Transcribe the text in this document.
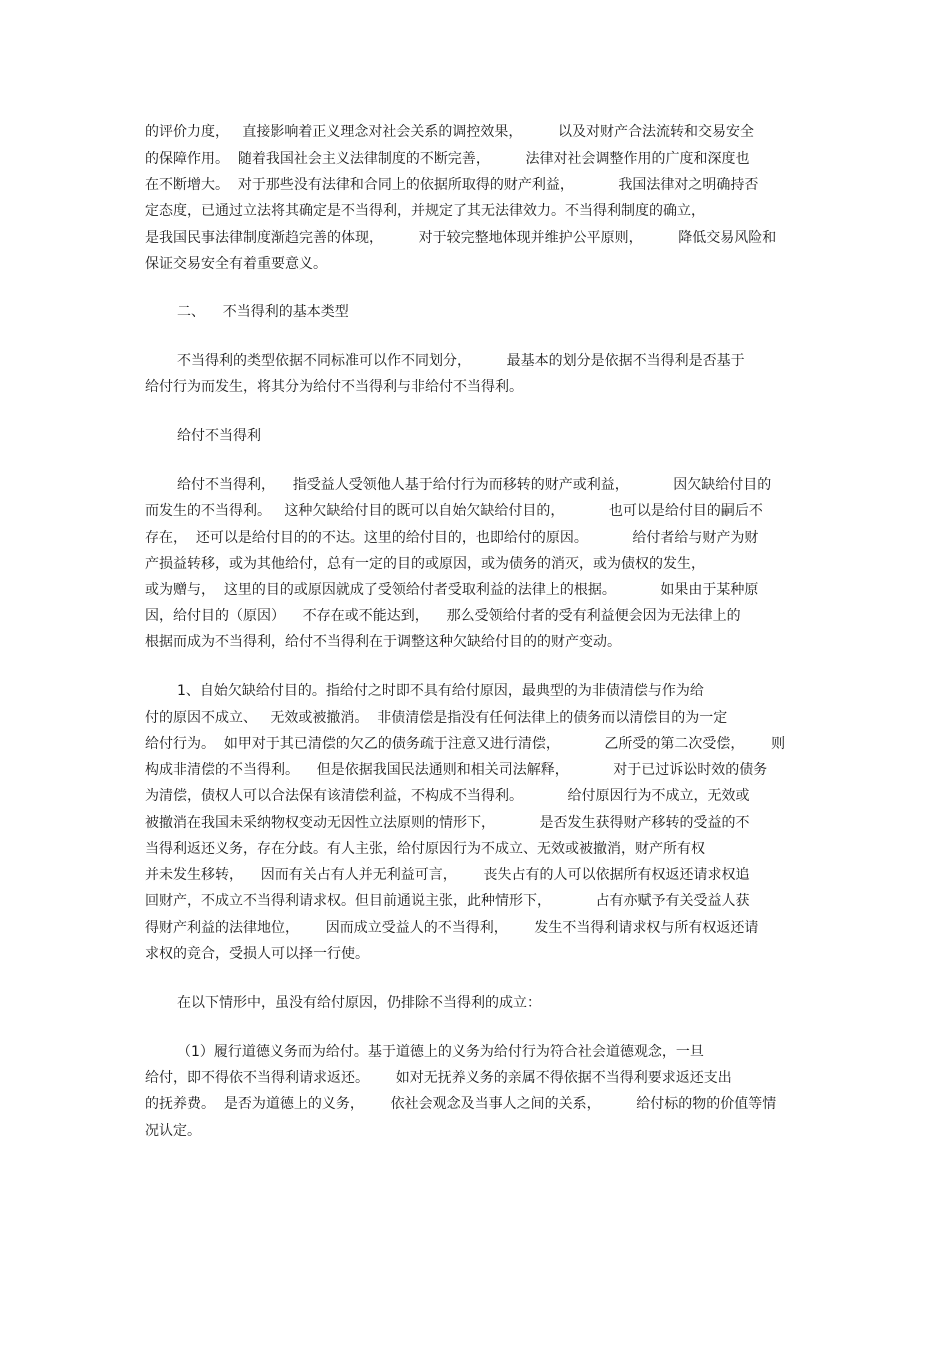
的评价力度，   直接影响着正义理念对社会关系的调控效果，        以及对财产合法流转和交易安全
的保障作用。  随着我国社会主义法律制度的不断完善，        法律对社会调整作用的广度和深度也
在不断增大。  对于那些没有法律和合同上的依据所取得的财产利益，          我国法律对之明确持否
定态度，已通过立法将其确定是不当得利，并规定了其无法律效力。不当得利制度的确立，
是我国民事法律制度渐趋完善的体现，        对于较完整地体现并维护公平原则，        降低交易风险和
保证交易安全有着重要意义。
二、    不当得利的基本类型
不当得利的类型依据不同标准可以作不同划分，        最基本的划分是依据不当得利是否基于
给付行为而发生，将其分为给付不当得利与非给付不当得利。
给付不当得利
给付不当得利，    指受益人受领他人基于给付行为而移转的财产或利益，          因欠缺给付目的
而发生的不当得利。   这种欠缺给付目的既可以自始欠缺给付目的，          也可以是给付目的嗣后不
存在，  还可以是给付目的的不达。这里的给付目的，也即给付的原因。          给付者给与财产为财
产损益转移，或为其他给付，总有一定的目的或原因，或为债务的消灭，或为债权的发生，
或为赠与，  这里的目的或原因就成了受领给付者受取利益的法律上的根据。          如果由于某种原
因，给付目的（原因）    不存在或不能达到，    那么受领给付者的受有利益便会因为无法律上的
根据而成为不当得利，给付不当得利在于调整这种欠缺给付目的的财产变动。
1、自始欠缺给付目的。指给付之时即不具有给付原因，最典型的为非债清偿与作为给
付的原因不成立、   无效或被撤消。  非债清偿是指没有任何法律上的债务而以清偿目的为一定
给付行为。  如甲对于其已清偿的欠乙的债务疏于注意又进行清偿，          乙所受的第二次受偿，      则
构成非清偿的不当得利。    但是依据我国民法通则和相关司法解释，          对于已过诉讼时效的债务
为清偿，债权人可以合法保有该清偿利益，不构成不当得利。          给付原因行为不成立，无效或
被撤消在我国未采纳物权变动无因性立法原则的情形下，          是否发生获得财产移转的受益的不
当得利返还义务，存在分歧。有人主张，给付原因行为不成立、无效或被撤消，财产所有权
并未发生移转，    因而有关占有人并无利益可言，      丧失占有的人可以依据所有权返还请求权追
回财产，不成立不当得利请求权。但目前通说主张，此种情形下，          占有亦赋予有关受益人获
得财产利益的法律地位，      因而成立受益人的不当得利，      发生不当得利请求权与所有权返还请
求权的竞合，受损人可以择一行使。
在以下情形中，虽没有给付原因，仍排除不当得利的成立：
（1）履行道德义务而为给付。基于道德上的义务为给付行为符合社会道德观念，一旦
给付，即不得依不当得利请求返还。      如对无抚养义务的亲属不得依据不当得利要求返还支出
的抚养费。  是否为道德上的义务，      依社会观念及当事人之间的关系，        给付标的物的价值等情
况认定。
